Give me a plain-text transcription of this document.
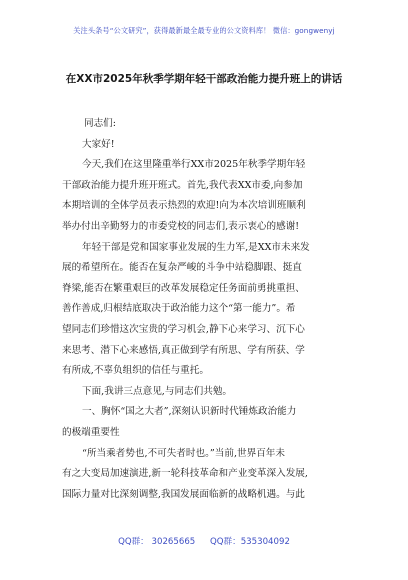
关注头条号“公文研究”，获得最新最全最专业的公文资料库！ 微信：gongwenyj
在XX市2025年秋季学期年轻干部政治能力提升班上的讲话
同志们:
大家好!
今天,我们在这里隆重举行XX市2025年秋季学期年轻
干部政治能力提升班开班式。首先,我代表XX市委,向参加
本期培训的全体学员表示热烈的欢迎!向为本次培训班顺利
举办付出辛勤努力的市委党校的同志们,表示衷心的感谢!
年轻干部是党和国家事业发展的生力军,是XX市未来发
展的希望所在。能否在复杂严峻的斗争中站稳脚跟、挺直
脊梁,能否在繁重艰巨的改革发展稳定任务面前勇挑重担、
善作善成,归根结底取决于政治能力这个“第一能力”。希
望同志们珍惜这次宝贵的学习机会,静下心来学习、沉下心
来思考、潜下心来感悟,真正做到学有所思、学有所获、学
有所成,不辜负组织的信任与重托。
下面,我讲三点意见,与同志们共勉。
一、胸怀“国之大者”,深刻认识新时代锤炼政治能力
的极端重要性
“所当乘者势也,不可失者时也。”当前,世界百年未
有之大变局加速演进,新一轮科技革命和产业变革深入发展,
国际力量对比深刻调整,我国发展面临新的战略机遇。与此
QQ群： 30265665 QQ群：535304092
